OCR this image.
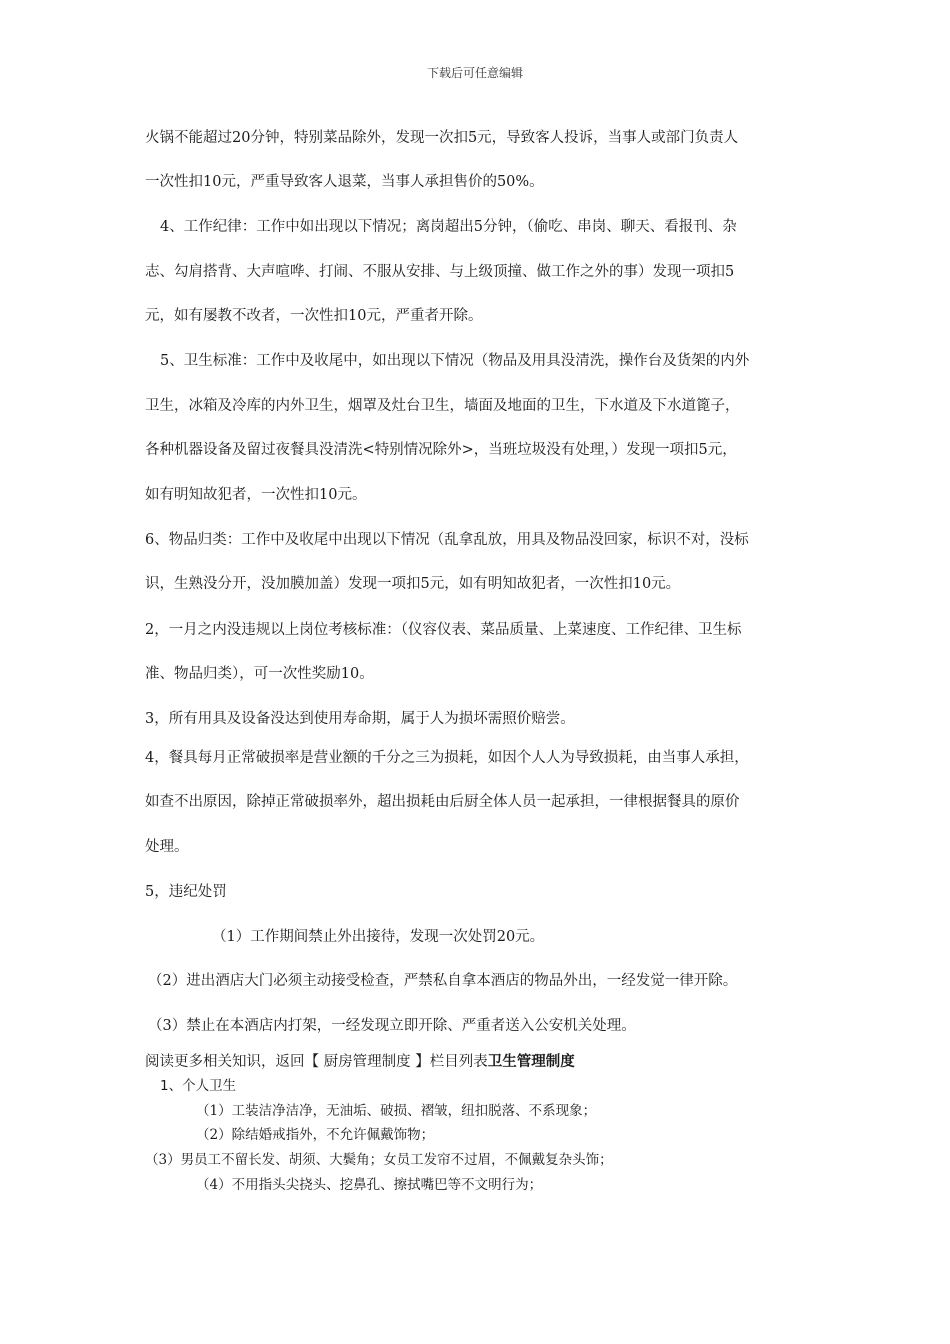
下载后可任意编辑
火锅不能超过20分钟，特别菜品除外，发现一次扣5元，导致客人投诉，当事人或部门负责人
一次性扣10元，严重导致客人退菜，当事人承担售价的50%。
4、工作纪律：工作中如出现以下情况；离岗超出5分钟，（偷吃、串岗、聊天、看报刊、杂
志、勾肩搭背、大声喧哗、打闹、不服从安排、与上级顶撞、做工作之外的事）发现一项扣5
元，如有屡教不改者，一次性扣10元，严重者开除。
5、卫生标准：工作中及收尾中，如出现以下情况（物品及用具没清洗，操作台及货架的内外
卫生，冰箱及冷库的内外卫生，烟罩及灶台卫生，墙面及地面的卫生，下水道及下水道篦子，
各种机器设备及留过夜餐具没清洗<特别情况除外>，当班垃圾没有处理，）发现一项扣5元，
如有明知故犯者，一次性扣10元。
6、物品归类：工作中及收尾中出现以下情况（乱拿乱放，用具及物品没回家，标识不对，没标
识，生熟没分开，没加膜加盖）发现一项扣5元，如有明知故犯者，一次性扣10元。
2，一月之内没违规以上岗位考核标准：（仪容仪表、菜品质量、上菜速度、工作纪律、卫生标
准、物品归类），可一次性奖励10。
3，所有用具及设备没达到使用寿命期，属于人为损坏需照价赔尝。
4，餐具每月正常破损率是营业额的千分之三为损耗，如因个人人为导致损耗，由当事人承担，
如查不出原因，除掉正常破损率外，超出损耗由后厨全体人员一起承担，一律根据餐具的原价
处理。
5，违纪处罚
（1）工作期间禁止外出接待，发现一次处罚20元。
（2）进出酒店大门必须主动接受检查，严禁私自拿本酒店的物品外出，一经发觉一律开除。
（3）禁止在本酒店内打架，一经发现立即开除、严重者送入公安机关处理。
阅读更多相关知识，返回【 厨房管理制度 】栏目列表卫生管理制度
1、个人卫生
（1）工装洁净洁净，无油垢、破损、褶皱，纽扣脱落、不系现象；
（2）除结婚戒指外，不允许佩戴饰物；
（3）男员工不留长发、胡须、大鬓角；女员工发帘不过眉，不佩戴复杂头饰；
（4）不用指头尖挠头、挖鼻孔、擦拭嘴巴等不文明行为；
